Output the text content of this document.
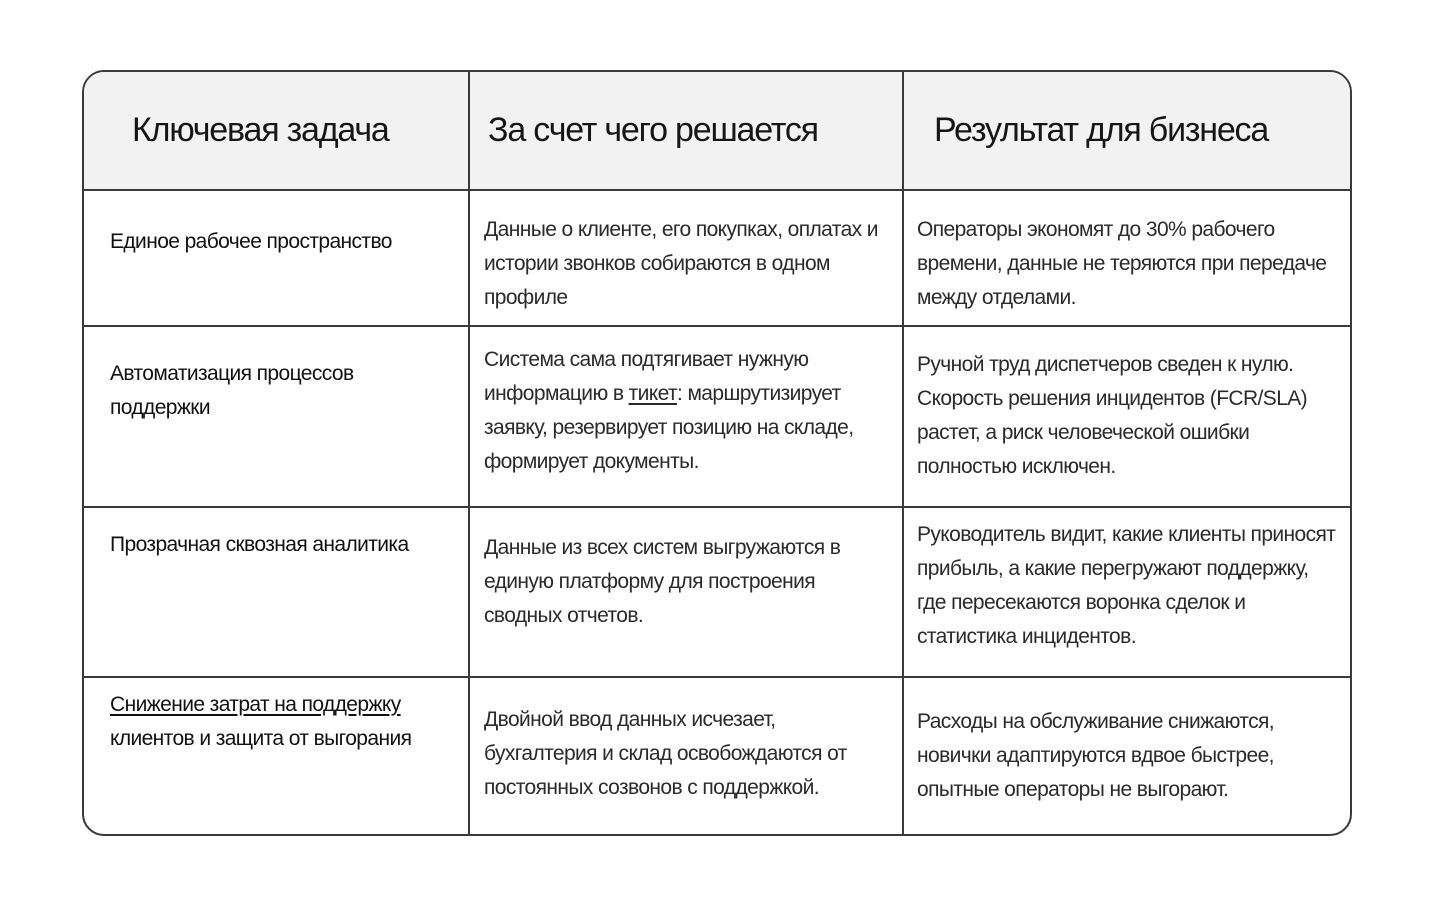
Ключевая задача	За счет чего решается	Результат для бизнеса
Единое рабочее пространство	Данные о клиенте, его покупках, оплатах и истории звонков собираются в одном профиле	Операторы экономят до 30% рабочего времени, данные не теряются при передаче между отделами.
Автоматизация процессов поддержки	Система сама подтягивает нужную информацию в тикет: маршрутизирует заявку, резервирует позицию на складе, формирует документы.	Ручной труд диспетчеров сведен к нулю. Скорость решения инцидентов (FCR/SLA) растет, а риск человеческой ошибки полностью исключен.
Прозрачная сквозная аналитика	Данные из всех систем выгружаются в единую платформу для построения сводных отчетов.	Руководитель видит, какие клиенты приносят прибыль, а какие перегружают поддержку, где пересекаются воронка сделок и статистика инцидентов.
Снижение затрат на поддержку клиентов и защита от выгорания	Двойной ввод данных исчезает, бухгалтерия и склад освобождаются от постоянных созвонов с поддержкой.	Расходы на обслуживание снижаются, новички адаптируются вдвое быстрее, опытные операторы не выгорают.
